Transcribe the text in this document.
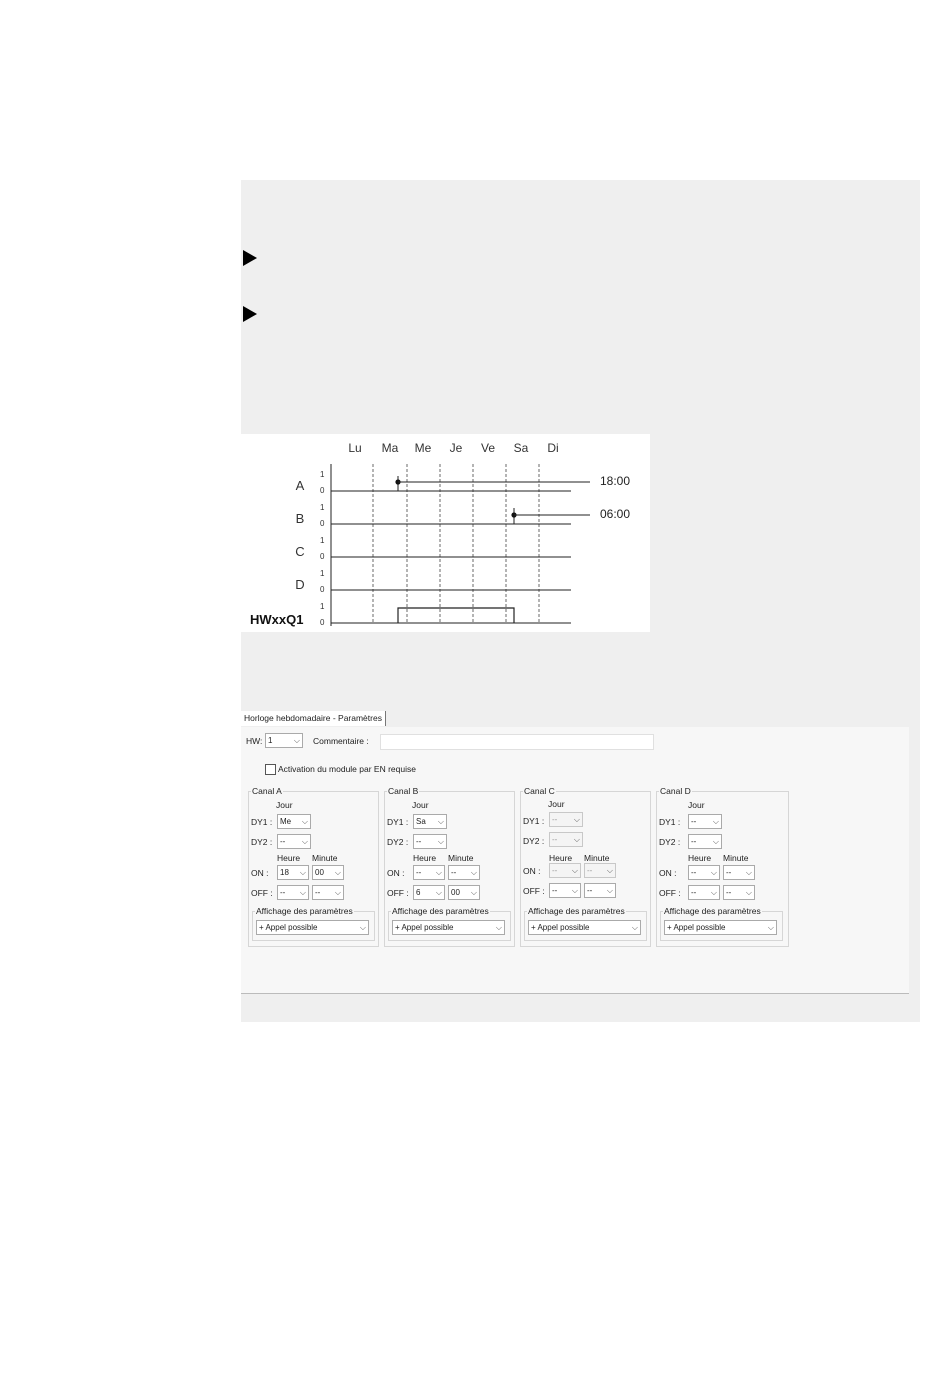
Lu Ma Me Je Ve Sa Di
A
B
C
D
HWxxQ1
1
0
1
0
1
0
1
0
1
0
18:00
06:00
Horloge hebdomadaire - Paramètres
HW: 1	⌵ Commentaire :
Activation du module par EN requise
Canal A
Jour
DY1 : Me ⌵
DY2 : -- ⌵
Heure Minute
ON : 18 ⌵ 00 ⌵
OFF : -- ⌵ -- ⌵
Affichage des paramètres
+ Appel possible	⌵
Canal B
Jour
DY1 : Sa ⌵
DY2 : -- ⌵
Heure Minute
ON : -- ⌵ -- ⌵
OFF : 6 ⌵ 00 ⌵
Affichage des paramètres
+ Appel possible	⌵
Canal C
Jour
DY1 : -- ⌵
DY2 : -- ⌵
Heure Minute
ON : -- ⌵ -- ⌵
OFF : -- ⌵ -- ⌵
Affichage des paramètres
+ Appel possible	⌵
Canal D
Jour
DY1 : -- ⌵
DY2 : -- ⌵
Heure Minute
ON : -- ⌵ -- ⌵
OFF : -- ⌵ -- ⌵
Affichage des paramètres
+ Appel possible	⌵
